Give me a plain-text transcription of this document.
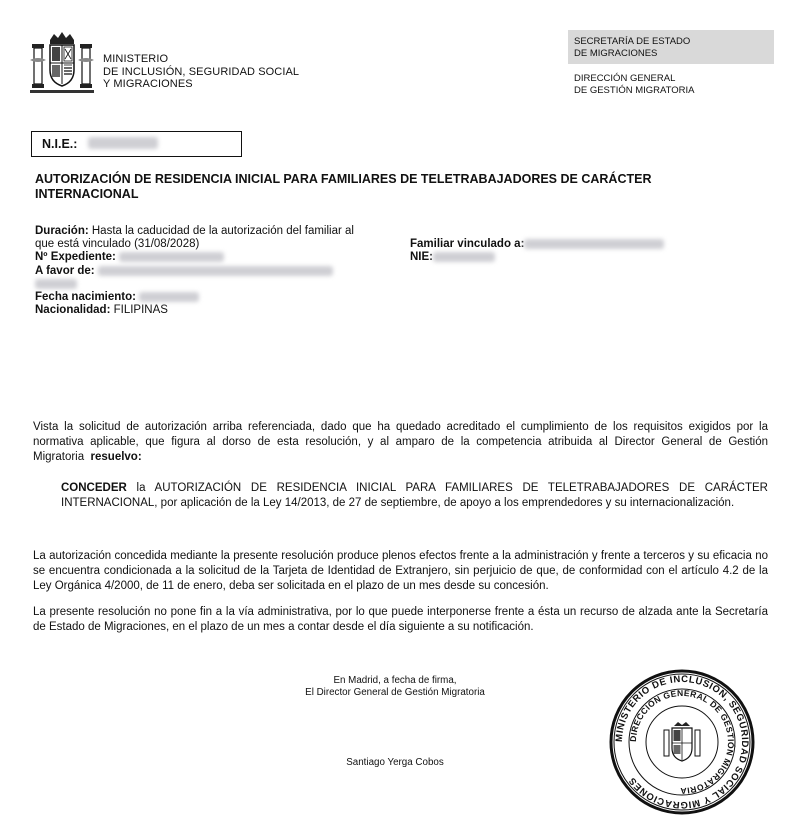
MINISTERIO
DE INCLUSIÓN, SEGURIDAD SOCIAL
Y MIGRACIONES
SECRETARÍA DE ESTADO
DE MIGRACIONES
DIRECCIÓN GENERAL
DE GESTIÓN MIGRATORIA
N.I.E.:
AUTORIZACIÓN DE RESIDENCIA INICIAL PARA FAMILIARES DE TELETRABAJADORES DE CARÁCTER INTERNACIONAL
Duración: Hasta la caducidad de la autorización del familiar al
que está vinculado (31/08/2028)
Nº Expediente:
A favor de:
Fecha nacimiento:
Nacionalidad: FILIPINAS
Familiar vinculado a:
NIE:
Vista la solicitud de autorización arriba referenciada, dado que ha quedado acreditado el cumplimiento de los requisitos exigidos por la normativa aplicable, que figura al dorso de esta resolución, y al amparo de la competencia atribuida al Director General de Gestión Migratoria resuelvo:
CONCEDER la AUTORIZACIÓN DE RESIDENCIA INICIAL PARA FAMILIARES DE TELETRABAJADORES DE CARÁCTER INTERNACIONAL, por aplicación de la Ley 14/2013, de 27 de septiembre, de apoyo a los emprendedores y su internacionalización.
La autorización concedida mediante la presente resolución produce plenos efectos frente a la administración y frente a terceros y su eficacia no se encuentra condicionada a la solicitud de la Tarjeta de Identidad de Extranjero, sin perjuicio de que, de conformidad con el artículo 4.2 de la Ley Orgánica 4/2000, de 11 de enero, deba ser solicitada en el plazo de un mes desde su concesión.
La presente resolución no pone fin a la vía administrativa, por lo que puede interponerse frente a ésta un recurso de alzada ante la Secretaría de Estado de Migraciones, en el plazo de un mes a contar desde el día siguiente a su notificación.
En Madrid, a fecha de firma,
El Director General de Gestión Migratoria
Santiago Yerga Cobos
MINISTERIO DE INCLUSIÓN, SEGURIDAD SOCIAL Y MIGRACIONES
DIRECCIÓN GENERAL DE GESTIÓN MIGRATORIA
